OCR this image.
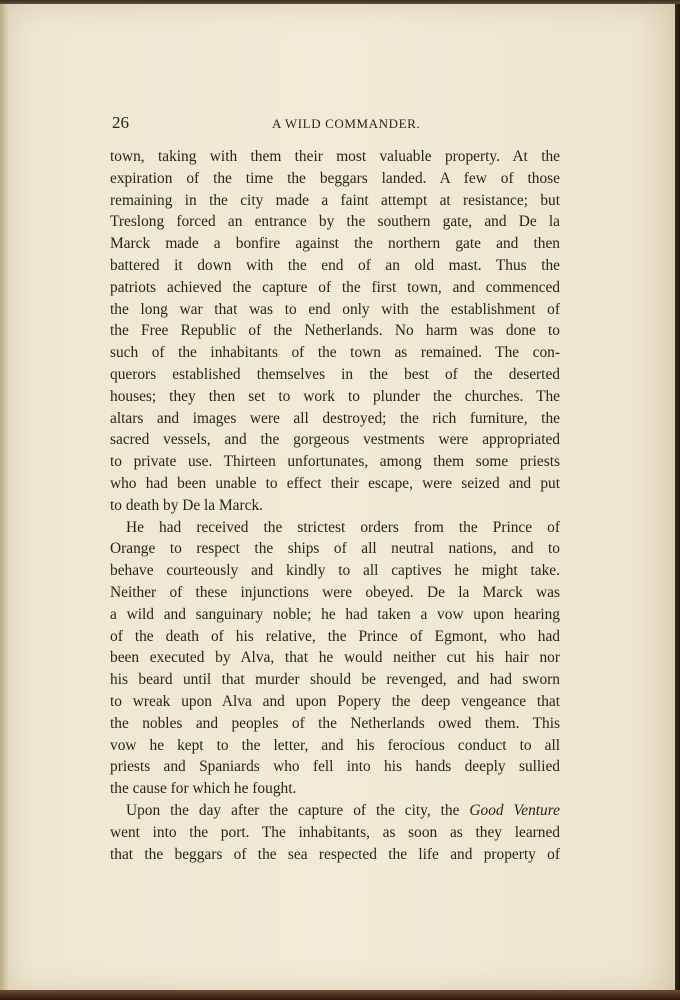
26	A WILD COMMANDER.
town, taking with them their most valuable property. At the
expiration of the time the beggars landed. A few of those
remaining in the city made a faint attempt at resistance; but
Treslong forced an entrance by the southern gate, and De la
Marck made a bonfire against the northern gate and then
battered it down with the end of an old mast. Thus the
patriots achieved the capture of the first town, and commenced
the long war that was to end only with the establishment of
the Free Republic of the Netherlands. No harm was done to
such of the inhabitants of the town as remained. The con-
querors established themselves in the best of the deserted
houses; they then set to work to plunder the churches. The
altars and images were all destroyed; the rich furniture, the
sacred vessels, and the gorgeous vestments were appropriated
to private use. Thirteen unfortunates, among them some priests
who had been unable to effect their escape, were seized and put
to death by De la Marck.
He had received the strictest orders from the Prince of
Orange to respect the ships of all neutral nations, and to
behave courteously and kindly to all captives he might take.
Neither of these injunctions were obeyed. De la Marck was
a wild and sanguinary noble; he had taken a vow upon hearing
of the death of his relative, the Prince of Egmont, who had
been executed by Alva, that he would neither cut his hair nor
his beard until that murder should be revenged, and had sworn
to wreak upon Alva and upon Popery the deep vengeance that
the nobles and peoples of the Netherlands owed them. This
vow he kept to the letter, and his ferocious conduct to all
priests and Spaniards who fell into his hands deeply sullied
the cause for which he fought.
Upon the day after the capture of the city, the Good Venture
went into the port. The inhabitants, as soon as they learned
that the beggars of the sea respected the life and property of
